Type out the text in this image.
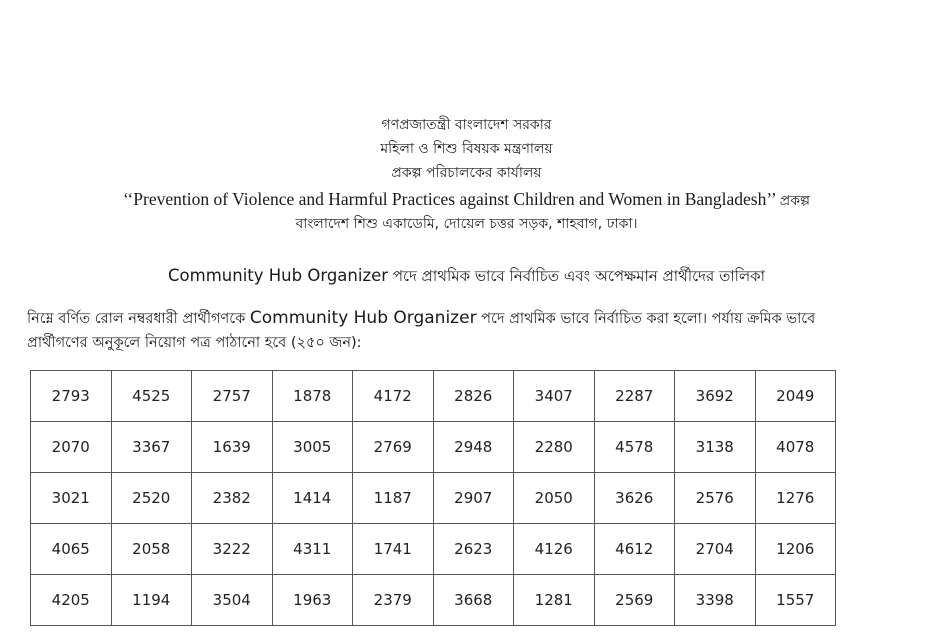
গণপ্রজাতন্ত্রী বাংলাদেশ সরকার
মহিলা ও শিশু বিষয়ক মন্ত্রণালয়
প্রকল্প পরিচালকের কার্যালয়
‘‘Prevention of Violence and Harmful Practices against Children and Women in Bangladesh’’ প্রকল্প
বাংলাদেশ শিশু একাডেমি, দোয়েল চত্তর সড়ক, শাহবাগ, ঢাকা।
Community Hub Organizer পদে প্রাথমিক ভাবে নির্বাচিত এবং অপেক্ষমান প্রার্থীদের তালিকা
নিম্নে বর্ণিত রোল নম্বরধারী প্রার্থীগণকে Community Hub Organizer পদে প্রাথমিক ভাবে নির্বাচিত করা হলো। পর্যায় ক্রমিক ভাবে
প্রার্থীগণের অনুকূলে নিয়োগ পত্র পাঠানো হবে (২৫০ জন):
2793	4525	2757	1878	4172	2826	3407	2287	3692	2049
2070	3367	1639	3005	2769	2948	2280	4578	3138	4078
3021	2520	2382	1414	1187	2907	2050	3626	2576	1276
4065	2058	3222	4311	1741	2623	4126	4612	2704	1206
4205	1194	3504	1963	2379	3668	1281	2569	3398	1557
